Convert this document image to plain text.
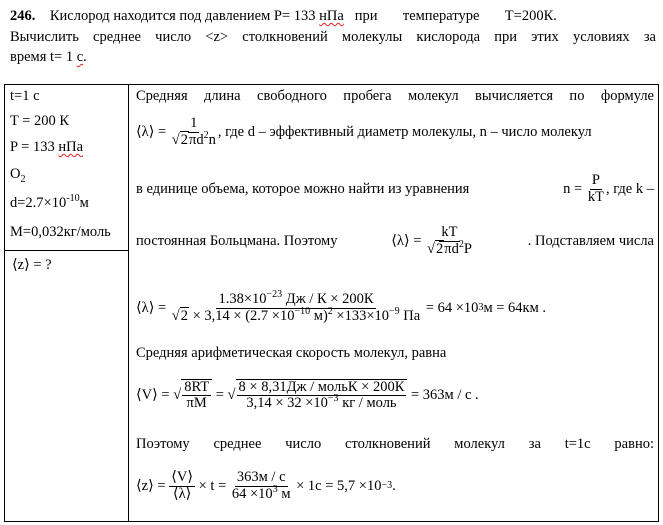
246. Кислород находится под давлением P= 133 нПа при температуре T=200К.
Вычислить среднее число <z> столкновений молекулы кислорода при этих условиях за
время t= 1 с.
t=1 с
T = 200 К
P = 133 нПа
$O_2$
$d=2.7\times 10^{-10}м$
M=0,032кг/моль
⟨z⟩ = ?
Средняя длина свободного пробега молекул вычисляется по формуле
⟨λ⟩ =
$\frac{1}{√2\pi d^2n}$ , где d – эффективный диаметр молекулы, n – число молекул
в единице объема, которое можно найти из уравнения	n =
$\frac{P}{kT}$ , где k –
постоянная Больцмана. Поэтому	⟨λ⟩ =
$\frac{kT}{√2\pi d^2P}$	. Подставляем числа
⟨λ⟩ =
$\frac{1.38\times 10^{-23} Дж / К \times 200К}{√2 \times 3,14 \times (2.7 \times 10^{-10} м)^2 \times 133\times 10^{-9} Па}$
= 64 ×10 3 м = 64км .
Средняя арифметическая скорость молекул, равна
⟨V⟩ = √ $\frac{8RT}{\pi M}$
= √ $\frac{\text{8 × 8,31Дж / мольК × 200К}}{3,14 \times 32 \times 10^{-3} кг / моль}$
= 363м / с .
Поэтому среднее число столкновений молекул за t=1с равно:
⟨z⟩ =
$\frac{⟨V⟩}{⟨\lambda⟩}$
× t =
$\frac{363м / с}{64 \times 10^3 м}$
× 1с = 5,7 ×10 −3 .
